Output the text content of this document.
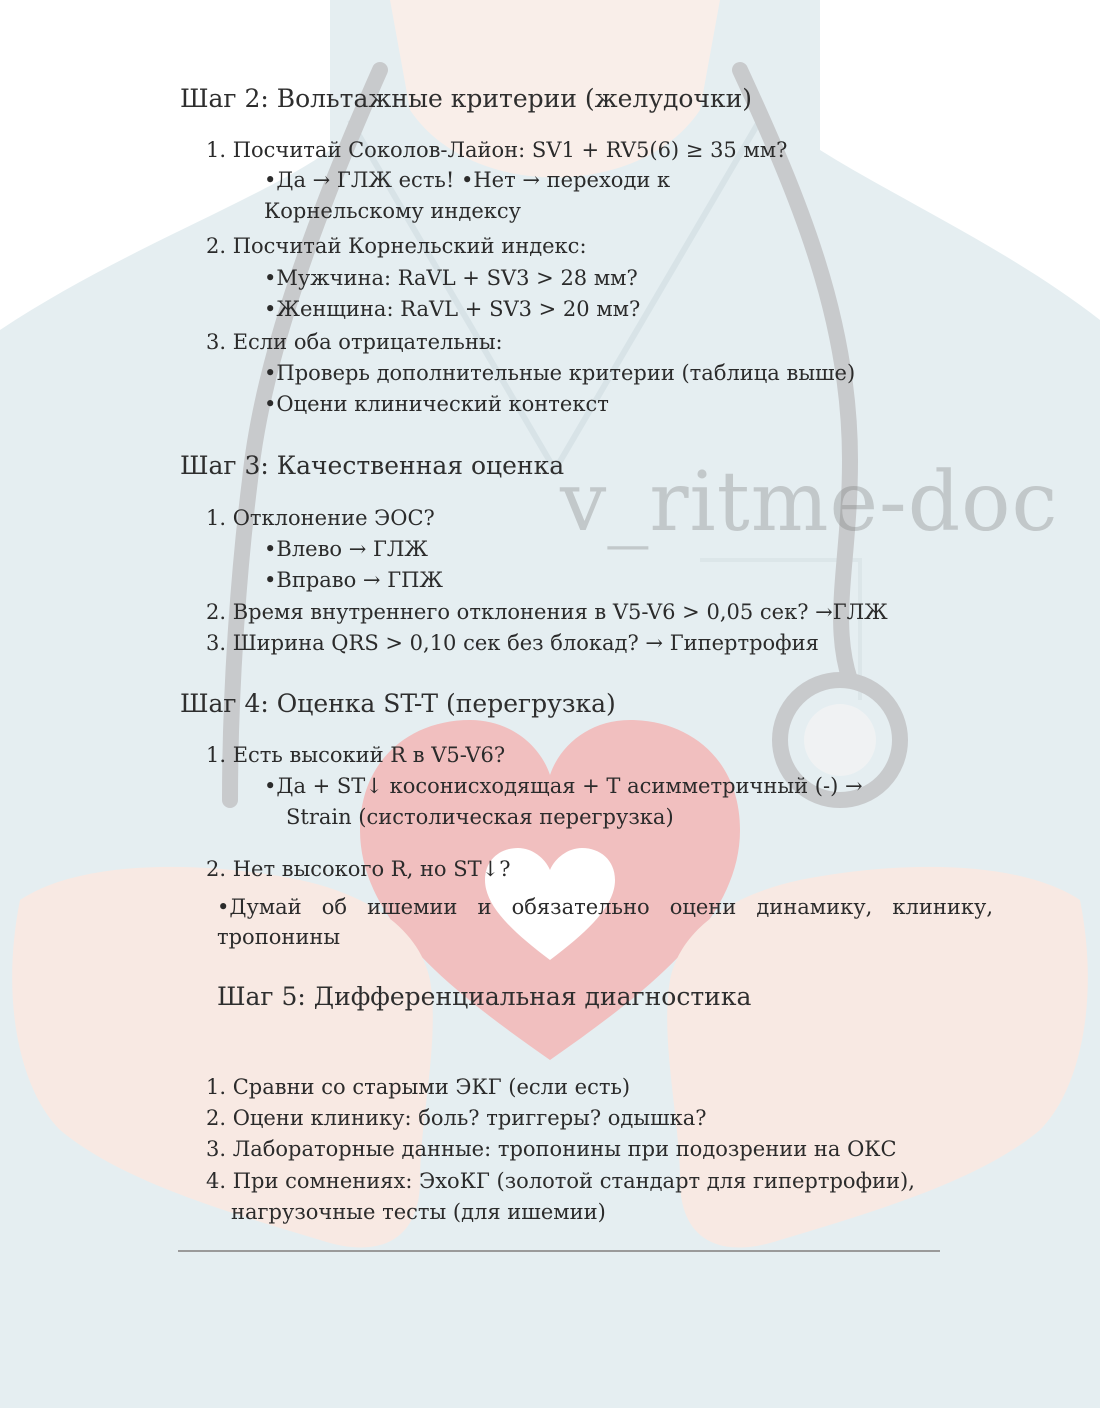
v_ritme-doc
Шаг 2: Вольтажные критерии (желудочки)
1. Посчитай Соколов-Лайон: SV1 + RV5(6) ≥ 35 мм?
•Да → ГЛЖ есть! •Нет → переходи к
Корнельскому индексу
2. Посчитай Корнельский индекс:
•Мужчина: RaVL + SV3 > 28 мм?
•Женщина: RaVL + SV3 > 20 мм?
3. Если оба отрицательны:
•Проверь дополнительные критерии (таблица выше)
•Оцени клинический контекст
Шаг 3: Качественная оценка
1. Отклонение ЭОС?
•Влево → ГЛЖ
•Вправо → ГПЖ
2. Время внутреннего отклонения в V5-V6 > 0,05 сек? →ГЛЖ
3. Ширина QRS > 0,10 сек без блокад? → Гипертрофия
Шаг 4: Оценка ST-T (перегрузка)
1. Есть высокий R в V5-V6?
•Да + ST↓ косонисходящая + T асимметричный (-) →
Strain (систолическая перегрузка)
2. Нет высокого R, но ST↓?
•Думай об ишемии и обязательно оцени динамику, клинику,
тропонины
Шаг 5: Дифференциальная диагностика
1. Сравни со старыми ЭКГ (если есть)
2. Оцени клинику: боль? триггеры? одышка?
3. Лабораторные данные: тропонины при подозрении на ОКС
4. При сомнениях: ЭхоКГ (золотой стандарт для гипертрофии),
нагрузочные тесты (для ишемии)
